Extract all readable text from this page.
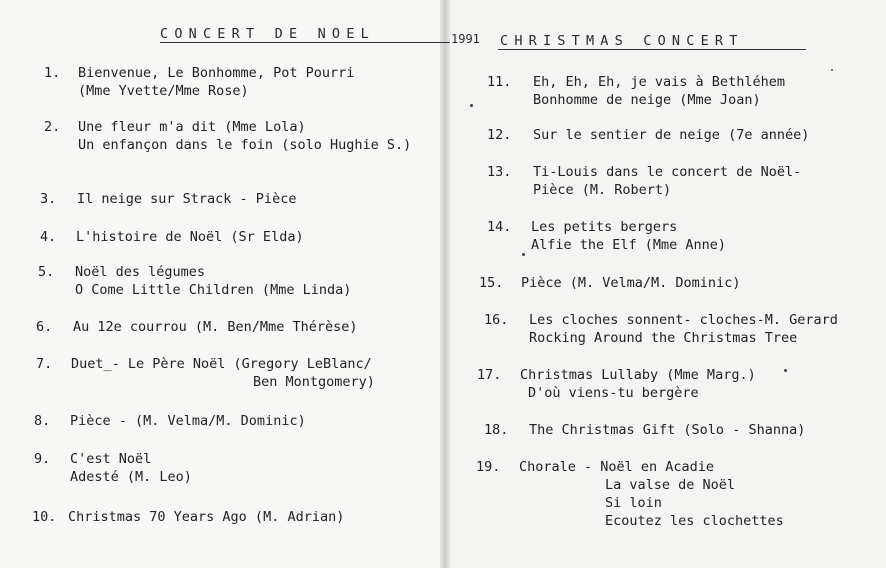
CONCERT DE NOEL	1991 CHRISTMAS CONCERT
1. Bienvenue, Le Bonhomme, Pot Pourri
(Mme Yvette/Mme Rose)
2. Une fleur m'a dit (Mme Lola)
Un enfançon dans le foin (solo Hughie S.)
3. Il neige sur Strack - Pièce
4. L'histoire de Noël (Sr Elda)
5. Noël des légumes
O Come Little Children (Mme Linda)
6. Au 12e courrou (M. Ben/Mme Thérèse)
7. Duet_- Le Père Noël (Gregory LeBlanc/
Ben Montgomery)
8. Pièce - (M. Velma/M. Dominic)
9. C'est Noël
Adesté (M. Leo)
10. Christmas 70 Years Ago (M. Adrian)
11. Eh, Eh, Eh, je vais à Bethléhem
Bonhomme de neige (Mme Joan)
12. Sur le sentier de neige (7e année)
13. Ti-Louis dans le concert de Noël-
Pièce (M. Robert)
14. Les petits bergers
Alfie the Elf (Mme Anne)
15. Pièce (M. Velma/M. Dominic)
16. Les cloches sonnent- cloches-M. Gerard
Rocking Around the Christmas Tree
17. Christmas Lullaby (Mme Marg.)
D'où viens-tu bergère
18. The Christmas Gift (Solo - Shanna)
19. Chorale - Noël en Acadie
La valse de Noël
Si loin
Ecoutez les clochettes
